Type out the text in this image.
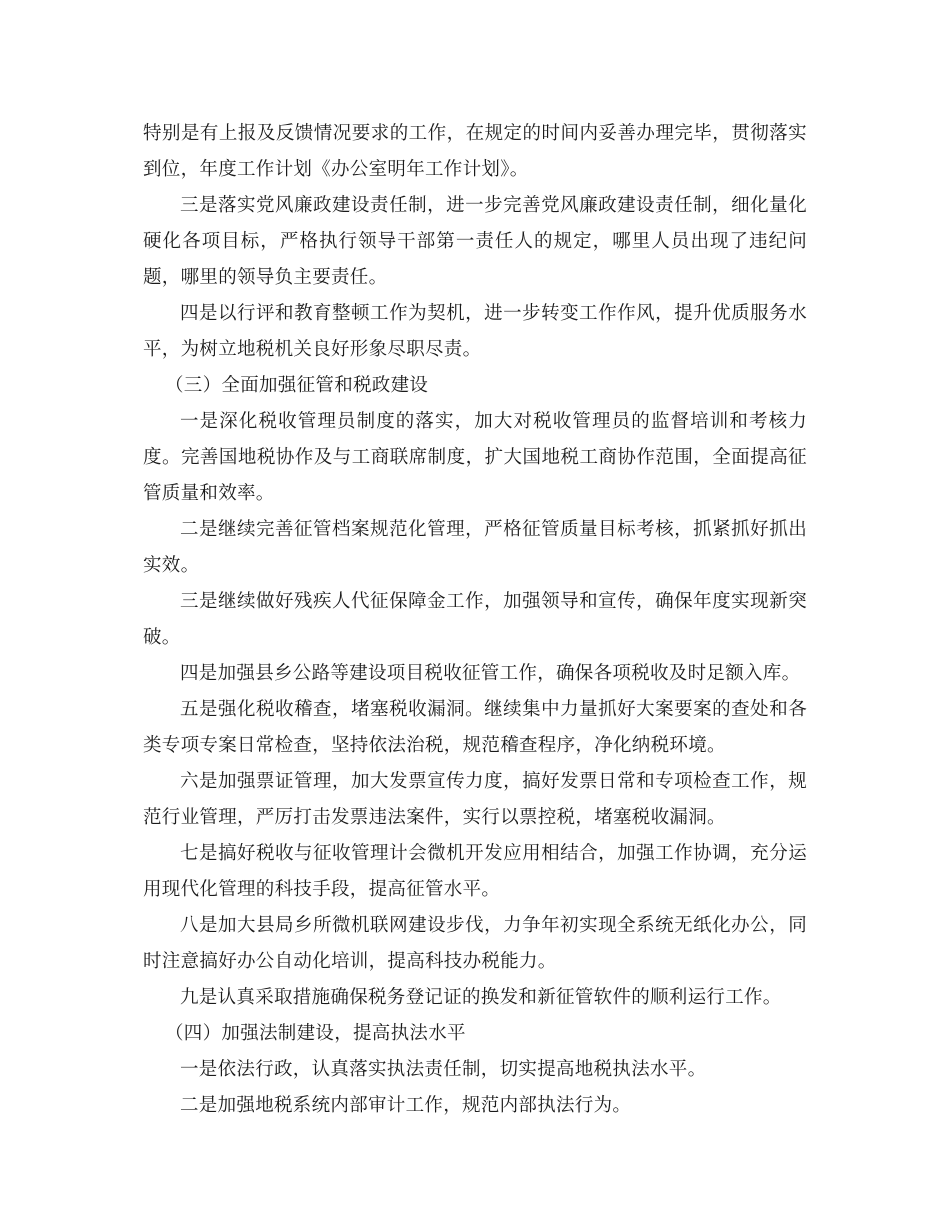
特别是有上报及反馈情况要求的工作，在规定的时间内妥善办理完毕，贯彻落实到位，年度工作计划《办公室明年工作计划》。

三是落实党风廉政建设责任制，进一步完善党风廉政建设责任制，细化量化硬化各项目标，严格执行领导干部第一责任人的规定，哪里人员出现了违纪问题，哪里的领导负主要责任。

四是以行评和教育整顿工作为契机，进一步转变工作作风，提升优质服务水平，为树立地税机关良好形象尽职尽责。

（三）全面加强征管和税政建设

一是深化税收管理员制度的落实，加大对税收管理员的监督培训和考核力度。完善国地税协作及与工商联席制度，扩大国地税工商协作范围，全面提高征管质量和效率。

二是继续完善征管档案规范化管理，严格征管质量目标考核，抓紧抓好抓出实效。

三是继续做好残疾人代征保障金工作，加强领导和宣传，确保年度实现新突破。

四是加强县乡公路等建设项目税收征管工作，确保各项税收及时足额入库。

五是强化税收稽查，堵塞税收漏洞。继续集中力量抓好大案要案的查处和各类专项专案日常检查，坚持依法治税，规范稽查程序，净化纳税环境。

六是加强票证管理，加大发票宣传力度，搞好发票日常和专项检查工作，规范行业管理，严厉打击发票违法案件，实行以票控税，堵塞税收漏洞。

七是搞好税收与征收管理计会微机开发应用相结合，加强工作协调，充分运用现代化管理的科技手段，提高征管水平。

八是加大县局乡所微机联网建设步伐，力争年初实现全系统无纸化办公，同时注意搞好办公自动化培训，提高科技办税能力。

九是认真采取措施确保税务登记证的换发和新征管软件的顺利运行工作。

（四）加强法制建设，提高执法水平

一是依法行政，认真落实执法责任制，切实提高地税执法水平。

二是加强地税系统内部审计工作，规范内部执法行为。
